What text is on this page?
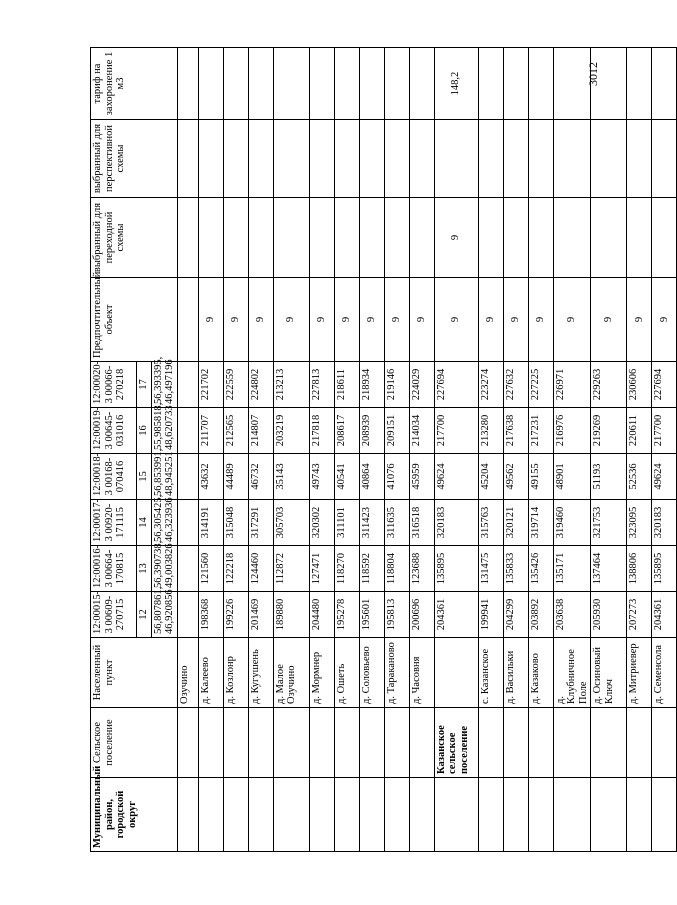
3012
Муниципальный район, городской округ	Сельское поселение	Населенный пункт	12:00015-3 00609- 270715	12:00016-3 00664- 170815	12:00017-3 00920- 171115	12:00018-3 00168- 070416	12:00019-3 00645- 031016	12:00020-3 00066- 270218	Предпочтительный объект	выбранный для переходной схемы	выбранный для перспективной схемы	тариф на захоронение 1 м3
			12	13	14	15	16	17				
			56,807861, 46,920856	56,390738, 49,003826	56,305425, 46,323936	56,853991, 48,945251	55,985818, 48,620733	56,393395, 46,497196				
		Озучино										
		д. Калеево	198368	121560	314191	43632	211707	221702	9			
		д. Козлонр	199226	122218	315048	44489	212565	222559	9			
		д. Кугушень	201469	124460	317291	46732	214807	224802	9			
		д. Малое Озучино	189880	112872	305703	35143	203219	213213	9			
		д. Мормнер	204480	127471	320302	49743	217818	227813	9			
		д. Ошеть	195278	118270	311101	40541	208617	218611	9			
		д. Соловьево	195601	118592	311423	40864	208939	218934	9			
		д. Тараканово	195813	118804	311635	41076	209151	219146	9			
		д. Часовня	200696	123688	316518	45959	214034	224029	9			
	Казанское сельское поселение		204361	135895	320183	49624	217700	227694	9	9		148,2
		с. Казанское	199941	131475	315763	45204	213280	223274	9			
		д. Васильки	204299	135833	320121	49562	217638	227632	9			
		д. Казаково	203892	135426	319714	49155	217231	227225	9			
		д. Клубничное Поле	203638	135171	319460	48901	216976	226971	9			
		д. Осиновый Ключ	205930	137464	321753	51193	219269	229263	9			
		д. Митриевер	207273	138806	323095	52536	220611	230606	9			
		д. Семенсола	204361	135895	320183	49624	217700	227694	9			
